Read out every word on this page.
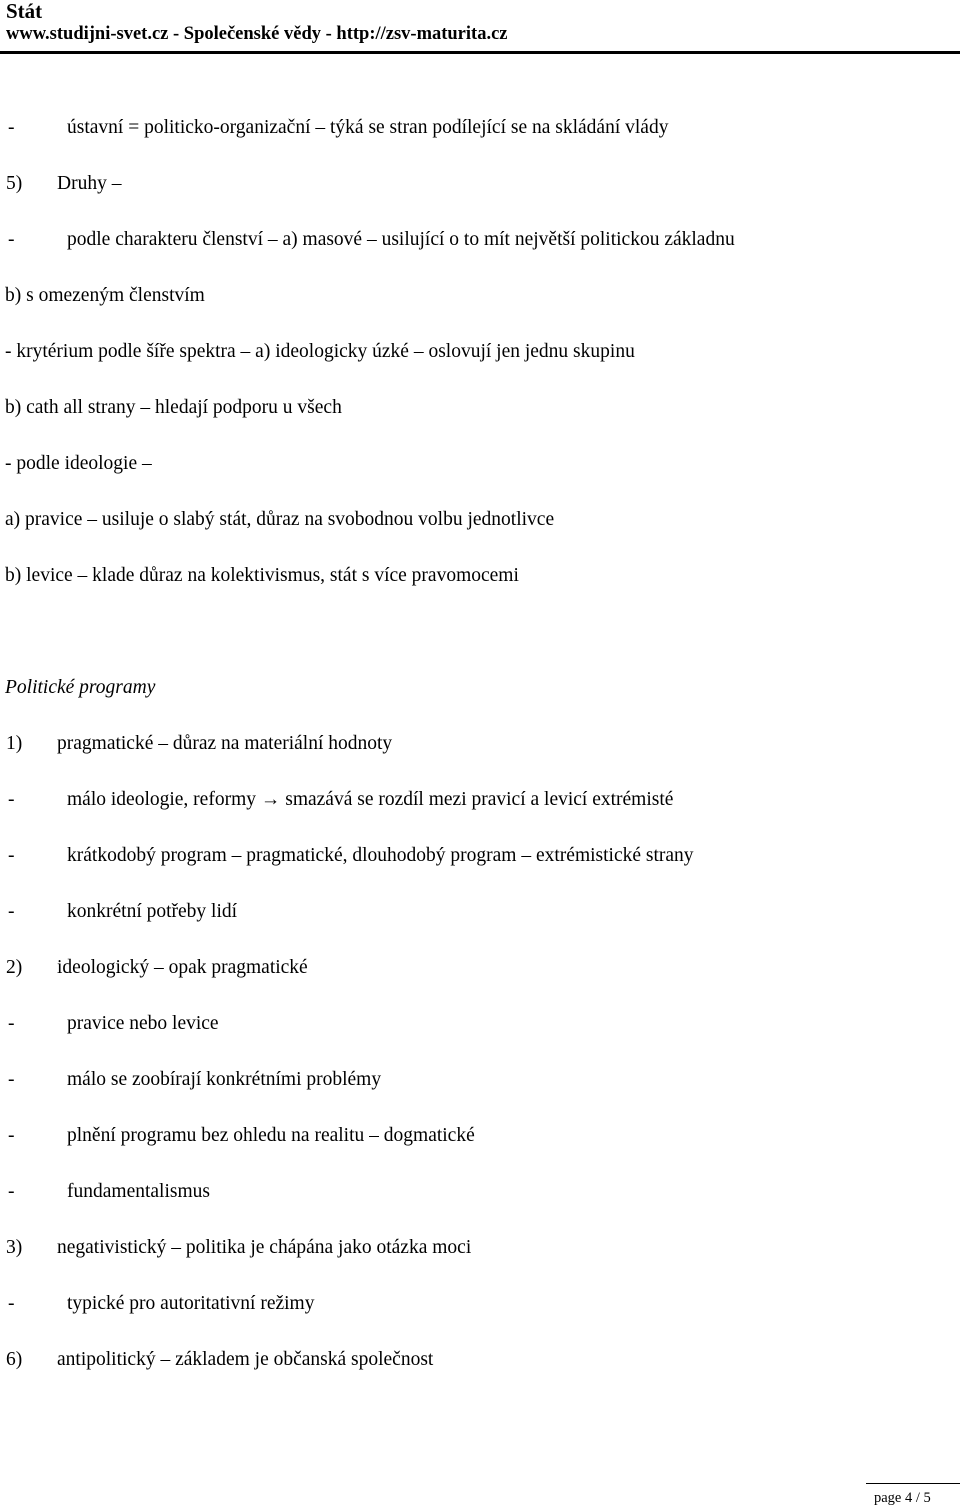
Stát
www.studijni-svet.cz - Společenské vědy - http://zsv-maturita.cz
-	ústavní = politicko-organizační – týká se stran podílející se na skládání vlády
5) Druhy –
-	podle charakteru členství – a) masové – usilující o to mít největší politickou základnu
b) s omezeným členstvím
- krytérium podle šíře spektra – a) ideologicky úzké – oslovují jen jednu skupinu
b) cath all strany – hledají podporu u všech
- podle ideologie –
a) pravice – usiluje o slabý stát, důraz na svobodnou volbu jednotlivce
b) levice – klade důraz na kolektivismus, stát s více pravomocemi
Politické programy
1) pragmatické – důraz na materiální hodnoty
-	málo ideologie, reformy → smazává se rozdíl mezi pravicí a levicí extrémisté
-	krátkodobý program – pragmatické, dlouhodobý program – extrémistické strany
-	konkrétní potřeby lidí
2) ideologický – opak pragmatické
-	pravice nebo levice
-	málo se zoobírají konkrétními problémy
-	plnění programu bez ohledu na realitu – dogmatické
-	fundamentalismus
3) negativistický – politika je chápána jako otázka moci
-	typické pro autoritativní režimy
6) antipolitický – základem je občanská společnost
page 4 / 5
